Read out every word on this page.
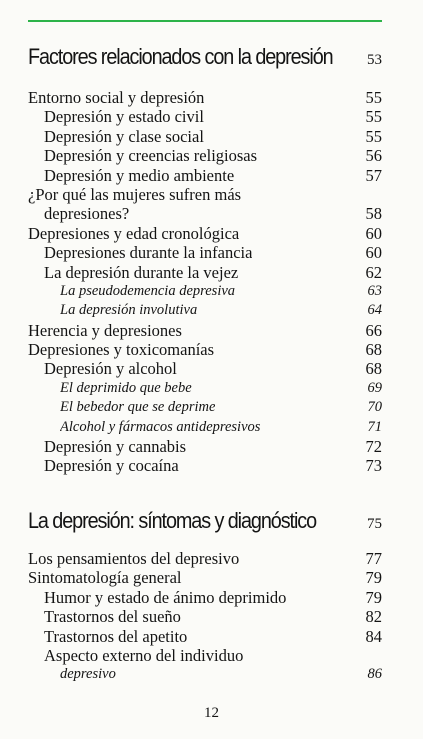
Factores relacionados con la depresión 53
Entorno social y depresión	55
Depresión y estado civil	55
Depresión y clase social	55
Depresión y creencias religiosas	56
Depresión y medio ambiente	57
¿Por qué las mujeres sufren más
depresiones?	58
Depresiones y edad cronológica	60
Depresiones durante la infancia	60
La depresión durante la vejez	62
La pseudodemencia depresiva	63
La depresión involutiva	64
Herencia y depresiones	66
Depresiones y toxicomanías	68
Depresión y alcohol	68
El deprimido que bebe	69
El bebedor que se deprime	70
Alcohol y fármacos antidepresivos	71
Depresión y cannabis	72
Depresión y cocaína	73
La depresión: síntomas y diagnóstico	75
Los pensamientos del depresivo	77
Sintomatología general	79
Humor y estado de ánimo deprimido	79
Trastornos del sueño	82
Trastornos del apetito	84
Aspecto externo del individuo
depresivo	86
12
